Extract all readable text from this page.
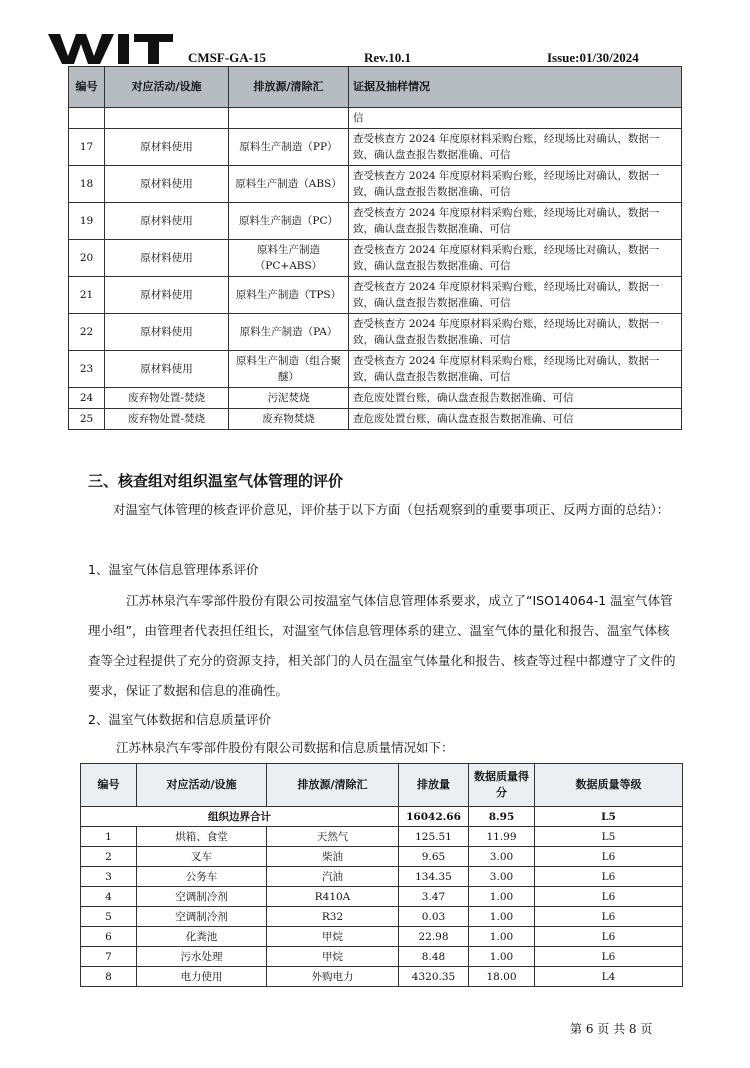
CMSF-GA-15	Rev.10.1	Issue:01/30/2024
编号	对应活动/设施	排放源/清除汇	证据及抽样情况
			信
17	原材料使用	原料生产制造（PP）	查受核查方 2024 年度原材料采购台账，经现场比对确认，数据一致，确认盘查报告数据准确、可信
18	原材料使用	原料生产制造（ABS）	查受核查方 2024 年度原材料采购台账，经现场比对确认，数据一致，确认盘查报告数据准确、可信
19	原材料使用	原料生产制造（PC）	查受核查方 2024 年度原材料采购台账，经现场比对确认，数据一致，确认盘查报告数据准确、可信
20	原材料使用	原料生产制造（PC+ABS）	查受核查方 2024 年度原材料采购台账，经现场比对确认，数据一致，确认盘查报告数据准确、可信
21	原材料使用	原料生产制造（TPS）	查受核查方 2024 年度原材料采购台账，经现场比对确认，数据一致，确认盘查报告数据准确、可信
22	原材料使用	原料生产制造（PA）	查受核查方 2024 年度原材料采购台账，经现场比对确认，数据一致，确认盘查报告数据准确、可信
23	原材料使用	原料生产制造（组合聚醚）	查受核查方 2024 年度原材料采购台账，经现场比对确认，数据一致，确认盘查报告数据准确、可信
24	废弃物处置-焚烧	污泥焚烧	查危废处置台账，确认盘查报告数据准确、可信
25	废弃物处置-焚烧	废弃物焚烧	查危废处置台账，确认盘查报告数据准确、可信
三、核查组对组织温室气体管理的评价
对温室气体管理的核查评价意见，评价基于以下方面（包括观察到的重要事项正、反两方面的总结）：
1、温室气体信息管理体系评价
江苏林泉汽车零部件股份有限公司按温室气体信息管理体系要求，成立了“ISO14064-1 温室气体管理小组”，由管理者代表担任组长，对温室气体信息管理体系的建立、温室气体的量化和报告、温室气体核查等全过程提供了充分的资源支持，相关部门的人员在温室气体量化和报告、核查等过程中都遵守了文件的要求，保证了数据和信息的准确性。
2、温室气体数据和信息质量评价
江苏林泉汽车零部件股份有限公司数据和信息质量情况如下：
编号	对应活动/设施	排放源/清除汇	排放量	数据质量得分	数据质量等级
组织边界合计			16042.66	8.95	L5
1	烘箱、食堂	天然气	125.51	11.99	L5
2	叉车	柴油	9.65	3.00	L6
3	公务车	汽油	134.35	3.00	L6
4	空调制冷剂	R410A	3.47	1.00	L6
5	空调制冷剂	R32	0.03	1.00	L6
6	化粪池	甲烷	22.98	1.00	L6
7	污水处理	甲烷	8.48	1.00	L6
8	电力使用	外购电力	4320.35	18.00	L4
第 6 页 共 8 页
